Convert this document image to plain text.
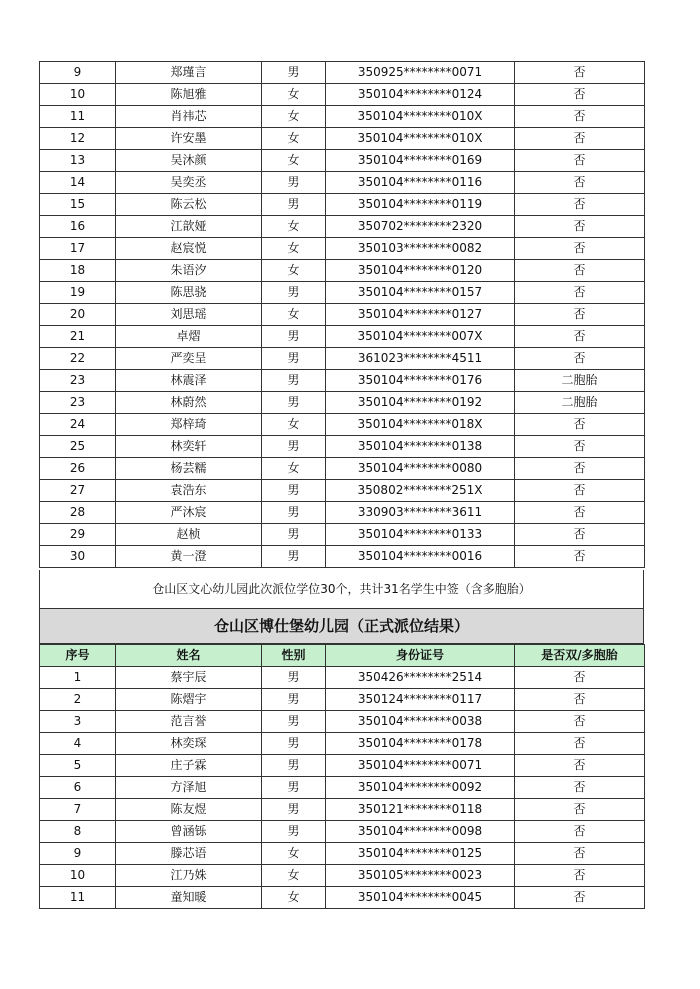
9	郑瑾言	男	350925********0071	否
10	陈旭雅	女	350104********0124	否
11	肖祎芯	女	350104********010X	否
12	许安墨	女	350104********010X	否
13	吴沐颜	女	350104********0169	否
14	吴奕丞	男	350104********0116	否
15	陈云松	男	350104********0119	否
16	江歆娅	女	350702********2320	否
17	赵宸悦	女	350103********0082	否
18	朱语汐	女	350104********0120	否
19	陈思骁	男	350104********0157	否
20	刘思瑶	女	350104********0127	否
21	卓熠	男	350104********007X	否
22	严奕呈	男	361023********4511	否
23	林震泽	男	350104********0176	二胞胎
23	林蔚然	男	350104********0192	二胞胎
24	郑梓琦	女	350104********018X	否
25	林奕轩	男	350104********0138	否
26	杨芸糯	女	350104********0080	否
27	袁浩东	男	350802********251X	否
28	严沐宸	男	330903********3611	否
29	赵桢	男	350104********0133	否
30	黄一澄	男	350104********0016	否
仓山区文心幼儿园此次派位学位30个，共计31名学生中签（含多胞胎）
仓山区博仕堡幼儿园（正式派位结果）
序号	姓名	性别	身份证号	是否双/多胞胎
1	蔡宇辰	男	350426********2514	否
2	陈熠宇	男	350124********0117	否
3	范言誉	男	350104********0038	否
4	林奕琛	男	350104********0178	否
5	庄子霖	男	350104********0071	否
6	方泽旭	男	350104********0092	否
7	陈友煜	男	350121********0118	否
8	曾涵铄	男	350104********0098	否
9	滕芯语	女	350104********0125	否
10	江乃姝	女	350105********0023	否
11	童知暖	女	350104********0045	否
